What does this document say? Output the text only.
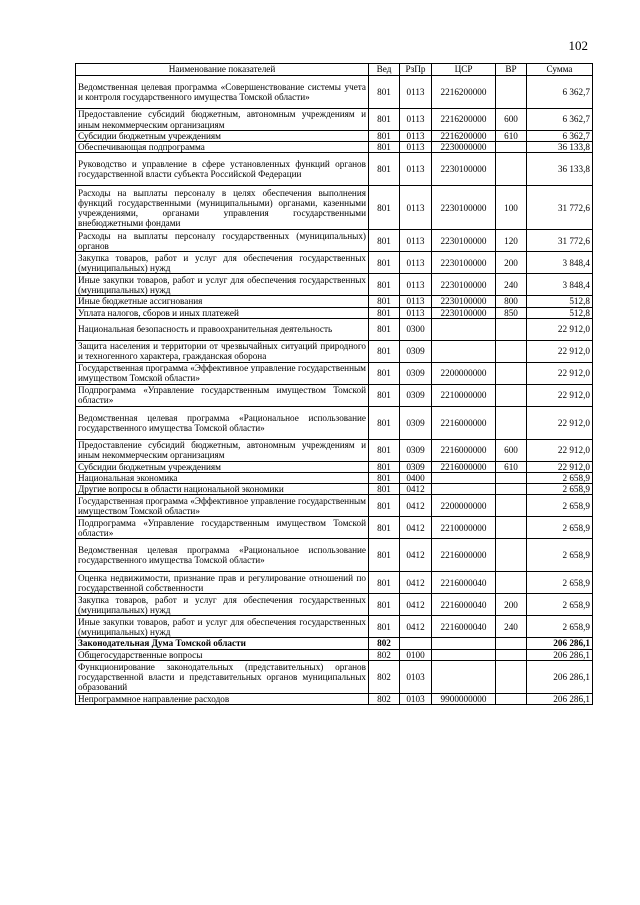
102
Наименование показателей	Вед	РзПр	ЦСР	ВР	Сумма
Ведомственная целевая программа «Совершенствование системы учета и контроля государственного имущества Томской области»	801	0113	2216200000		6 362,7
Предоставление субсидий бюджетным, автономным учреждениям и иным некоммерческим организациям	801	0113	2216200000	600	6 362,7
Субсидии бюджетным учреждениям	801	0113	2216200000	610	6 362,7
Обеспечивающая подпрограмма	801	0113	2230000000		36 133,8
Руководство и управление в сфере установленных функций органов государственной власти субъекта Российской Федерации	801	0113	2230100000		36 133,8
Расходы на выплаты персоналу в целях обеспечения выполнения функций государственными (муниципальными) органами, казенными учреждениями, органами управления государственными внебюджетными фондами	801	0113	2230100000	100	31 772,6
Расходы на выплаты персоналу государственных (муниципальных) органов	801	0113	2230100000	120	31 772,6
Закупка товаров, работ и услуг для обеспечения государственных (муниципальных) нужд	801	0113	2230100000	200	3 848,4
Иные закупки товаров, работ и услуг для обеспечения государственных (муниципальных) нужд	801	0113	2230100000	240	3 848,4
Иные бюджетные ассигнования	801	0113	2230100000	800	512,8
Уплата налогов, сборов и иных платежей	801	0113	2230100000	850	512,8
Национальная безопасность и правоохранительная деятельность	801	0300			22 912,0
Защита населения и территории от чрезвычайных ситуаций природного и техногенного характера, гражданская оборона	801	0309			22 912,0
Государственная программа «Эффективное управление государственным имуществом Томской области»	801	0309	2200000000		22 912,0
Подпрограмма «Управление государственным имуществом Томской области»	801	0309	2210000000		22 912,0
Ведомственная целевая программа «Рациональное использование государственного имущества Томской области»	801	0309	2216000000		22 912,0
Предоставление субсидий бюджетным, автономным учреждениям и иным некоммерческим организациям	801	0309	2216000000	600	22 912,0
Субсидии бюджетным учреждениям	801	0309	2216000000	610	22 912,0
Национальная экономика	801	0400			2 658,9
Другие вопросы в области национальной экономики	801	0412			2 658,9
Государственная программа «Эффективное управление государственным имуществом Томской области»	801	0412	2200000000		2 658,9
Подпрограмма «Управление государственным имуществом Томской области»	801	0412	2210000000		2 658,9
Ведомственная целевая программа «Рациональное использование государственного имущества Томской области»	801	0412	2216000000		2 658,9
Оценка недвижимости, признание прав и регулирование отношений по государственной собственности	801	0412	2216000040		2 658,9
Закупка товаров, работ и услуг для обеспечения государственных (муниципальных) нужд	801	0412	2216000040	200	2 658,9
Иные закупки товаров, работ и услуг для обеспечения государственных (муниципальных) нужд	801	0412	2216000040	240	2 658,9
Законодательная Дума Томской области	802				206 286,1
Общегосударственные вопросы	802	0100			206 286,1
Функционирование законодательных (представительных) органов государственной власти и представительных органов муниципальных образований	802	0103			206 286,1
Непрограммное направление расходов	802	0103	9900000000		206 286,1
